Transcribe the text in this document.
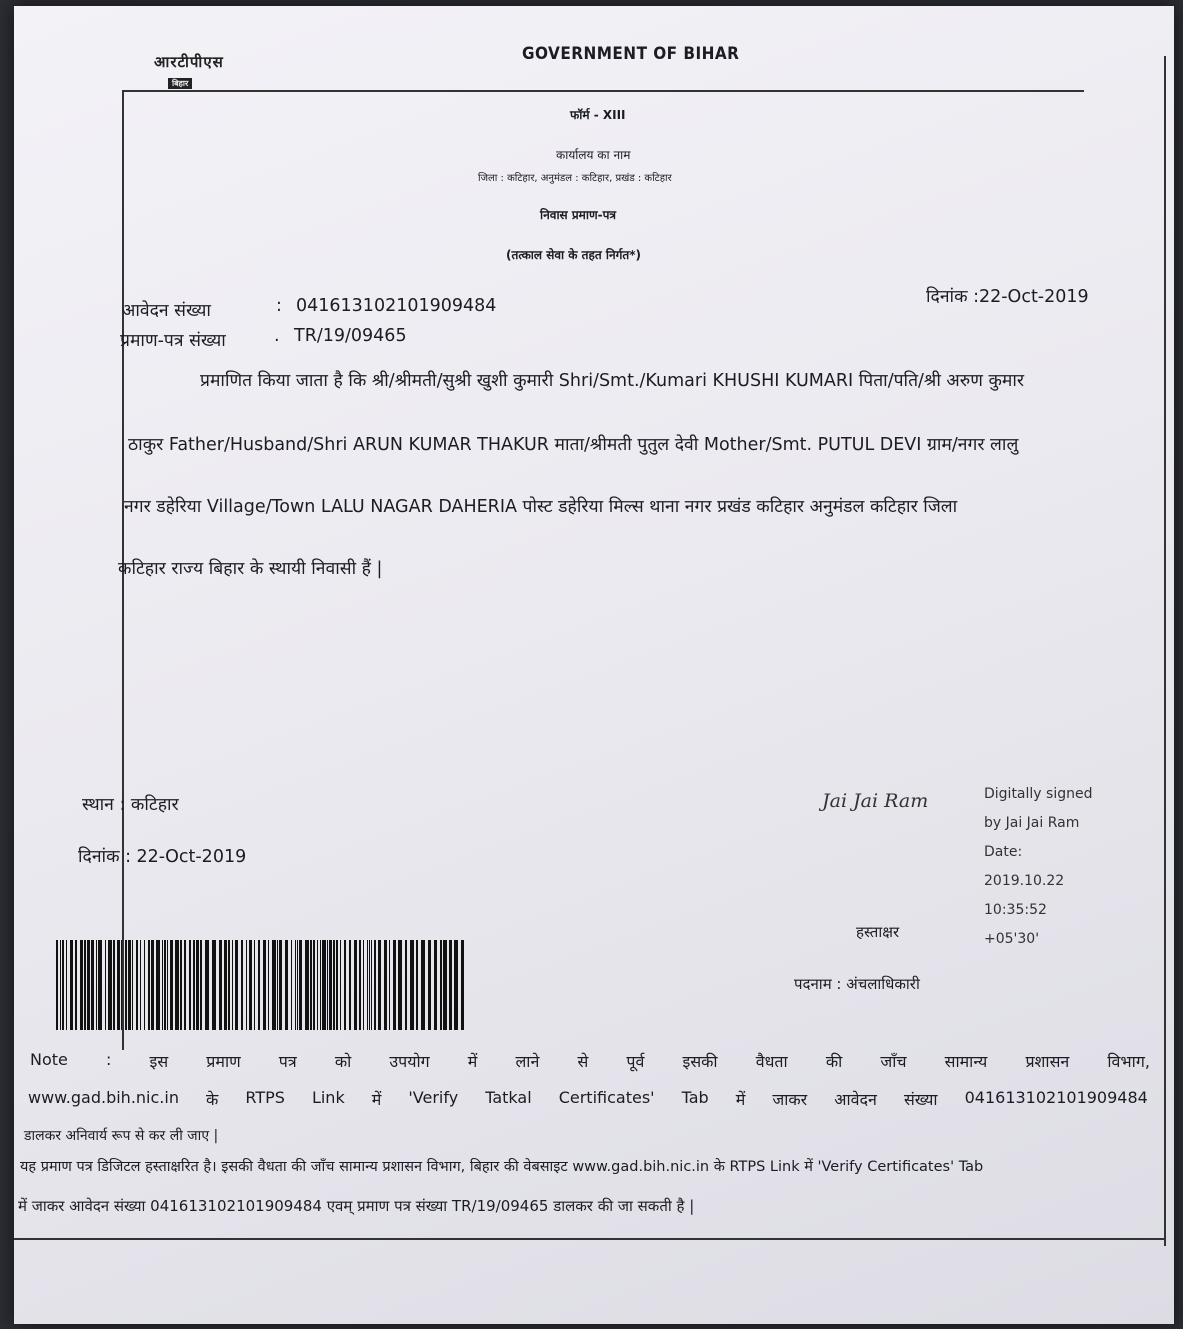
आरटीपीएस
बिहार
GOVERNMENT OF BIHAR
फॉर्म - XIII
कार्यालय का नाम
जिला : कटिहार, अनुमंडल : कटिहार, प्रखंड : कटिहार
निवास प्रमाण-पत्र
(तत्काल सेवा के तहत निर्गत*)
आवेदन संख्या	: 041613102101909484
प्रमाण-पत्र संख्या	. TR/19/09465
दिनांक :22-Oct-2019
प्रमाणित किया जाता है कि श्री/श्रीमती/सुश्री खुशी कुमारी Shri/Smt./Kumari KHUSHI KUMARI पिता/पति/श्री अरुण कुमार
ठाकुर Father/Husband/Shri ARUN KUMAR THAKUR माता/श्रीमती पुतुल देवी Mother/Smt. PUTUL DEVI ग्राम/नगर लालु
नगर डहेरिया Village/Town LALU NAGAR DAHERIA पोस्ट डहेरिया मिल्स थाना नगर प्रखंड कटिहार अनुमंडल कटिहार जिला
कटिहार राज्य बिहार के स्थायी निवासी हैं |
स्थान : कटिहार
दिनांक : 22-Oct-2019
Jai Jai Ram	Digitally signed
by Jai Jai Ram
Date:
2019.10.22
10:35:52
+05'30'
हस्ताक्षर
पदनाम : अंचलाधिकारी
Note : इस प्रमाण पत्र को उपयोग में लाने से पूर्व इसकी वैधता की जाँच सामान्य प्रशासन विभाग,
www.gad.bih.nic.in के RTPS Link में 'Verify Tatkal Certificates' Tab में जाकर आवेदन संख्या 041613102101909484
डालकर अनिवार्य रूप से कर ली जाए |
यह प्रमाण पत्र डिजिटल हस्ताक्षरित है। इसकी वैधता की जाँच सामान्य प्रशासन विभाग, बिहार की वेबसाइट www.gad.bih.nic.in के RTPS Link में 'Verify Certificates' Tab
में जाकर आवेदन संख्या 041613102101909484 एवम् प्रमाण पत्र संख्या TR/19/09465 डालकर की जा सकती है |
